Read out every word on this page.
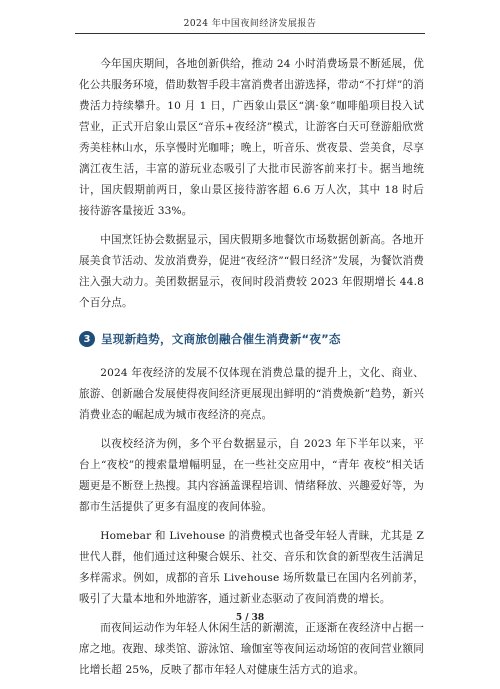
2024 年中国夜间经济发展报告

今年国庆期间，各地创新供给，推动 24 小时消费场景不断延展，优化公共服务环境，借助数智手段丰富消费者出游选择，带动“不打烊”的消费活力持续攀升。10 月 1 日，广西象山景区“漓·象”咖啡船项目投入试营业，正式开启象山景区“音乐+夜经济”模式，让游客白天可登游船欣赏秀美桂林山水，乐享慢时光咖啡；晚上，听音乐、赏夜景、尝美食，尽享漓江夜生活，丰富的游玩业态吸引了大批市民游客前来打卡。据当地统计，国庆假期前两日，象山景区接待游客超 6.6 万人次，其中 18 时后接待游客量接近 33%。

中国烹饪协会数据显示，国庆假期多地餐饮市场数据创新高。各地开展美食节活动、发放消费券，促进“夜经济”“假日经济”发展，为餐饮消费注入强大动力。美团数据显示，夜间时段消费较 2023 年假期增长 44.8 个百分点。

3 呈现新趋势，文商旅创融合催生消费新“夜”态

2024 年夜经济的发展不仅体现在消费总量的提升上，文化、商业、旅游、创新融合发展使得夜间经济更展现出鲜明的“消费焕新”趋势，新兴消费业态的崛起成为城市夜经济的亮点。

以夜校经济为例，多个平台数据显示，自 2023 年下半年以来，平台上“夜校”的搜索量增幅明显，在一些社交应用中，“青年 夜校”相关话题更是不断登上热搜。其内容涵盖课程培训、情绪释放、兴趣爱好等，为都市生活提供了更多有温度的夜间体验。

Homebar 和 Livehouse 的消费模式也备受年轻人青睐，尤其是 Z 世代人群，他们通过这种聚合娱乐、社交、音乐和饮食的新型夜生活满足多样需求。例如，成都的音乐 Livehouse 场所数量已在国内名列前茅，吸引了大量本地和外地游客，通过新业态驱动了夜间消费的增长。

而夜间运动作为年轻人休闲生活的新潮流，正逐渐在夜经济中占据一席之地。夜跑、球类馆、游泳馆、瑜伽室等夜间运动场馆的夜间营业额同比增长超 25%，反映了都市年轻人对健康生活方式的追求。

5 / 38
